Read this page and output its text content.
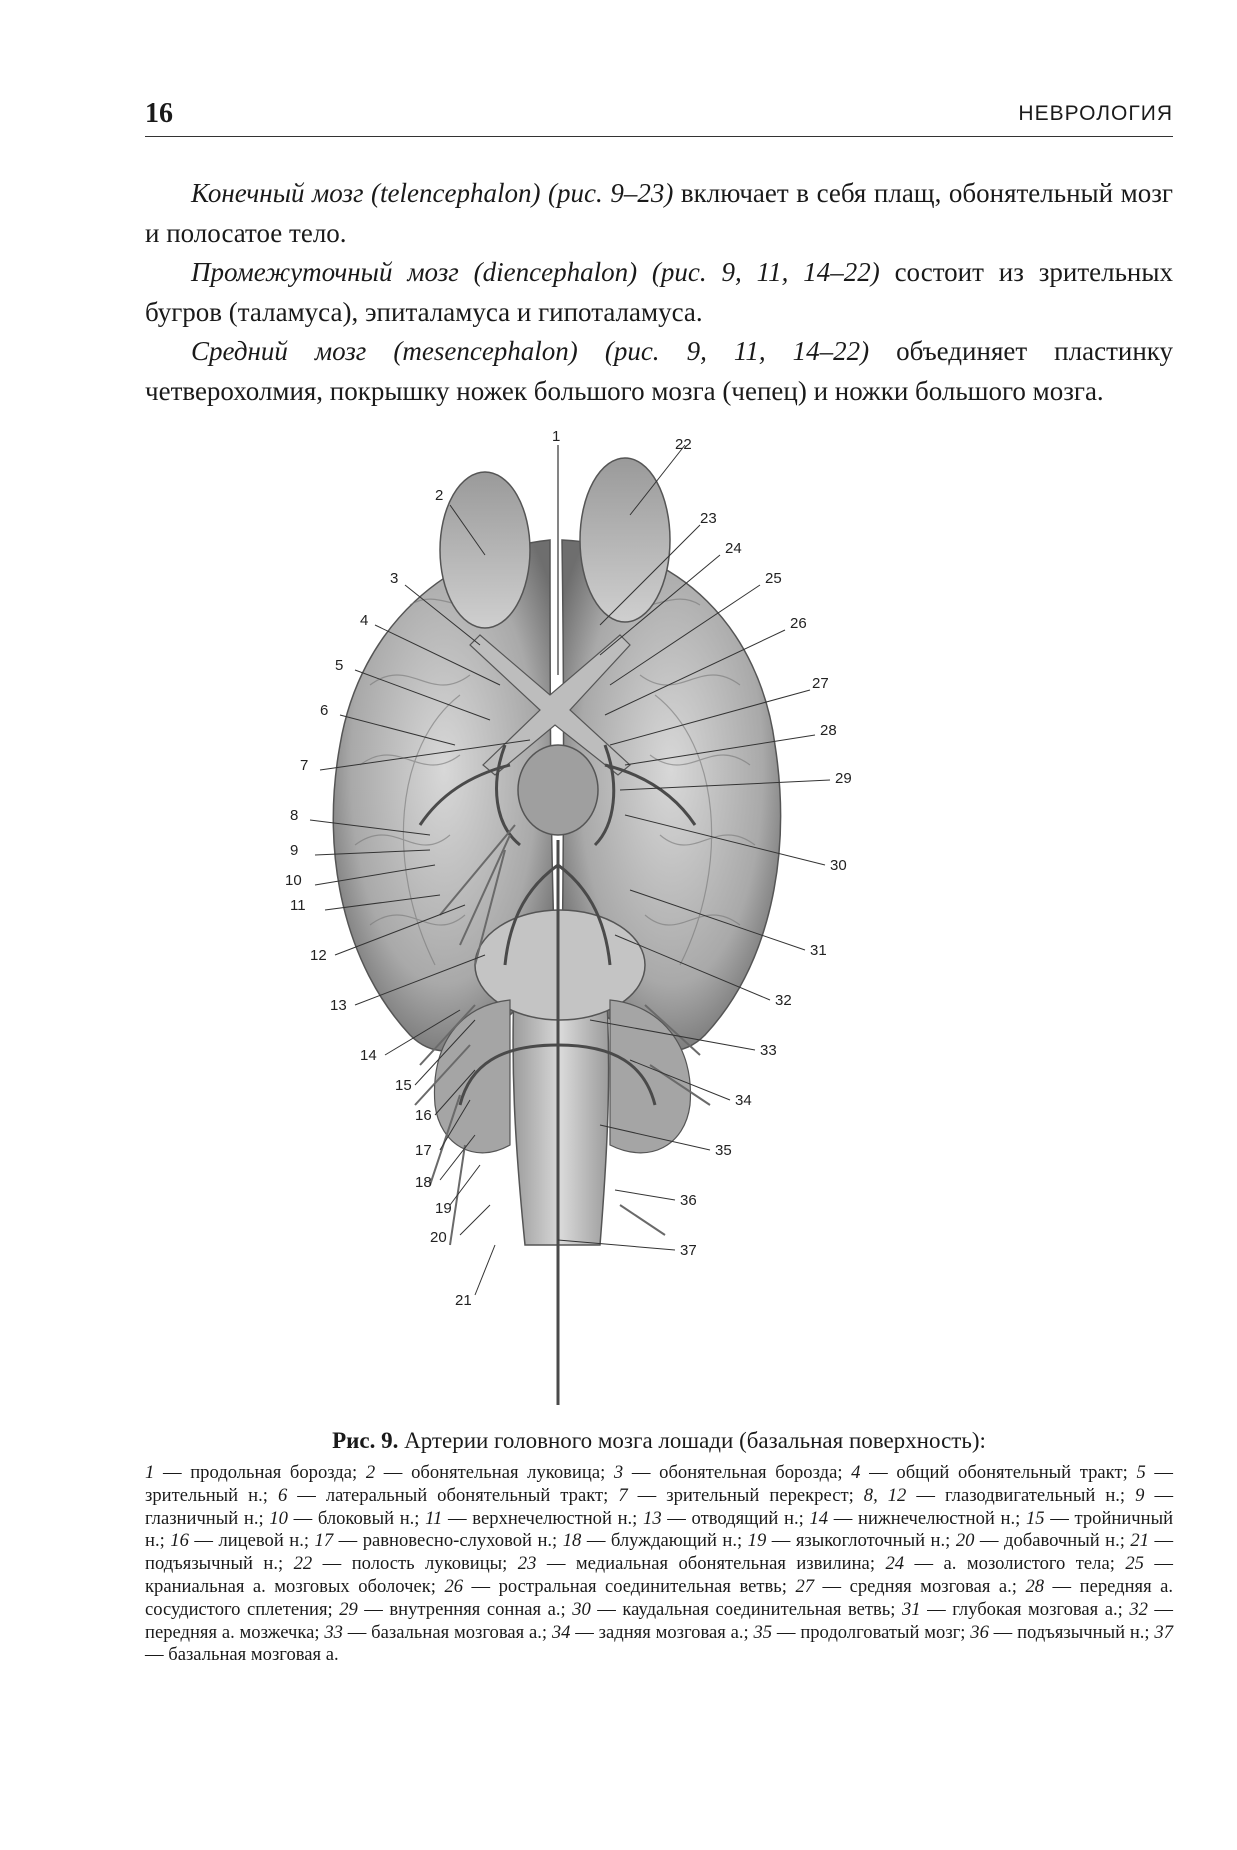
16	НЕВРОЛОГИЯ

Конечный мозг (telencephalon) (рис. 9–23) включает в себя плащ, обонятельный мозг и полосатое тело.

Промежуточный мозг (diencephalon) (рис. 9, 11, 14–22) состоит из зрительных бугров (таламуса), эпиталамуса и гипоталамуса.

Средний мозг (mesencephalon) (рис. 9, 11, 14–22) объединяет пластинку четверохолмия, покрышку ножек большого мозга (чепец) и ножки большого мозга.

1
2
3
4
5
6
7
8
9
10
11
12
13
14
15
16
17
18
19
20
21
22
23
24
25
26
27
28
29
30
31
32
33
34
35
36
37
Рис. 9. Артерии головного мозга лошади (базальная поверхность):
1 — продольная борозда; 2 — обонятельная луковица; 3 — обонятельная борозда; 4 — общий обонятельный тракт; 5 — зрительный н.; 6 — латеральный обонятельный тракт; 7 — зрительный перекрест; 8, 12 — глазодвигательный н.; 9 — глазничный н.; 10 — блоковый н.; 11 — верхнечелюстной н.; 13 — отводящий н.; 14 — нижнечелюстной н.; 15 — тройничный н.; 16 — лицевой н.; 17 — равновесно-слуховой н.; 18 — блуждающий н.; 19 — языкоглоточный н.; 20 — добавочный н.; 21 — подъязычный н.; 22 — полость луковицы; 23 — медиальная обонятельная извилина; 24 — а. мозолистого тела; 25 — краниальная а. мозговых оболочек; 26 — ростральная соединительная ветвь; 27 — средняя мозговая а.; 28 — передняя а. сосудистого сплетения; 29 — внутренняя сонная а.; 30 — каудальная соединительная ветвь; 31 — глубокая мозговая а.; 32 — передняя а. мозжечка; 33 — базальная мозговая а.; 34 — задняя мозговая а.; 35 — продолговатый мозг; 36 — подъязычный н.; 37 — базальная мозговая а.
